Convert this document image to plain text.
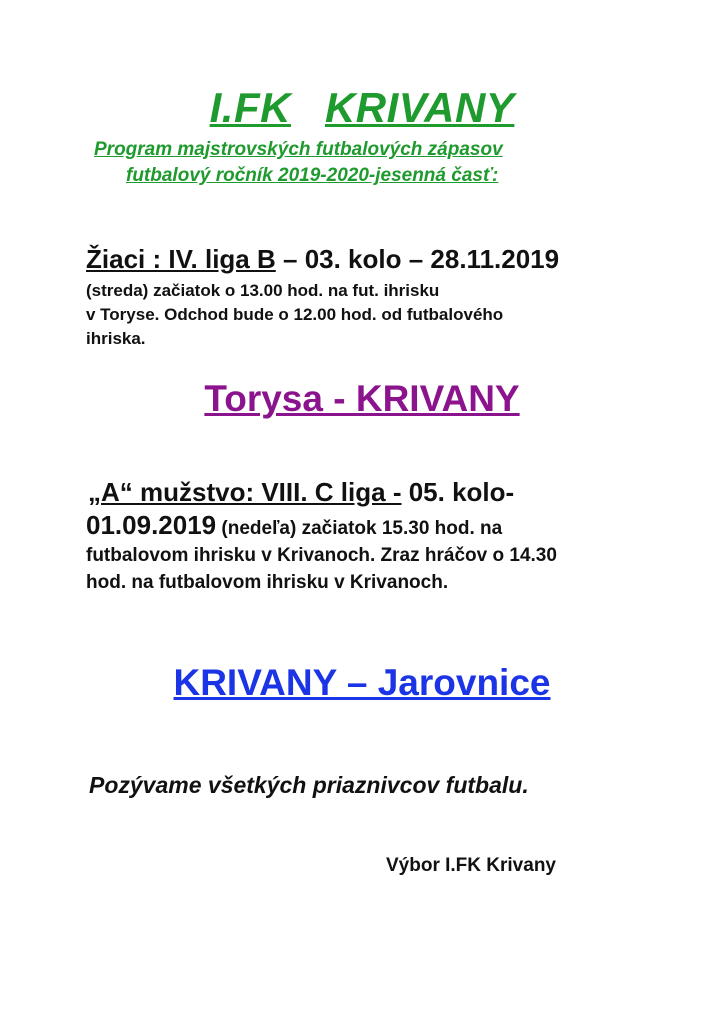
I.FK KRIVANY
Program majstrovských futbalových zápasov
futbalový ročník 2019-2020-jesenná časť:
Žiaci : IV. liga B – 03. kolo – 28.11.2019
(streda) začiatok o 13.00 hod. na fut. ihrisku
v Toryse. Odchod bude o 12.00 hod. od futbalového
ihriska.
Torysa - KRIVANY
„A“ mužstvo: VIII. C liga - 05. kolo-
01.09.2019 (nedeľa) začiatok 15.30 hod. na
futbalovom ihrisku v Krivanoch. Zraz hráčov o 14.30
hod. na futbalovom ihrisku v Krivanoch.
KRIVANY – Jarovnice
Pozývame všetkých priaznivcov futbalu.
Výbor I.FK Krivany
